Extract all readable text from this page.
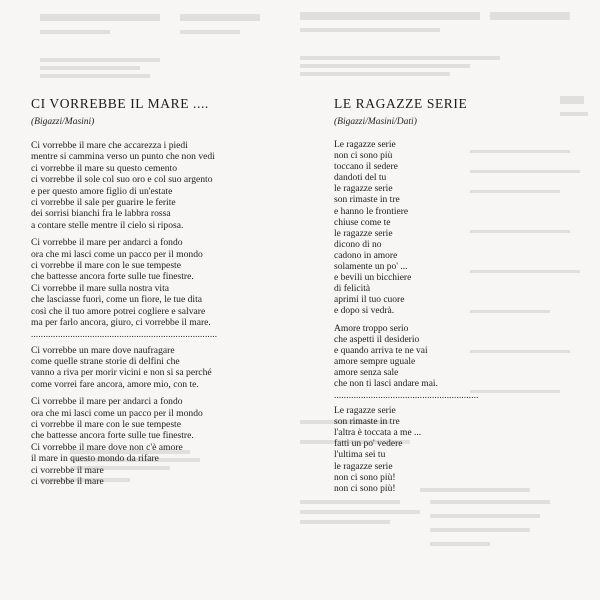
CI VORREBBE IL MARE ....

(Bigazzi/Masini)

Ci vorrebbe il mare che accarezza i piedi
mentre si cammina verso un punto che non vedi
ci vorrebbe il mare su questo cemento
ci vorrebbe il sole col suo oro e col suo argento
e per questo amore figlio di un'estate
ci vorrebbe il sale per guarire le ferite
dei sorrisi bianchi fra le labbra rossa
a contare stelle mentre il cielo si riposa.
Ci vorrebbe il mare per andarci a fondo
ora che mi lasci come un pacco per il mondo
ci vorrebbe il mare con le sue tempeste
che battesse ancora forte sulle tue finestre.
Ci vorrebbe il mare sulla nostra vita
che lasciasse fuori, come un fiore, le tue dita
così che il tuo amore potrei cogliere e salvare
ma per farlo ancora, giuro, ci vorrebbe il mare.
............................................................................
Ci vorrebbe un mare dove naufragare
come quelle strane storie di delfini che
vanno a riva per morir vicini e non si sa perché
come vorrei fare ancora, amore mio, con te.
Ci vorrebbe il mare per andarci a fondo
ora che mi lasci come un pacco per il mondo
ci vorrebbe il mare con le sue tempeste
che battesse ancora forte sulle tue finestre.
Ci vorrebbe il mare dove non c'è amore
il mare in questo mondo da rifare
ci vorrebbe il mare
ci vorrebbe il mare
LE RAGAZZE SERIE

(Bigazzi/Masini/Dati)

Le ragazze serie
non ci sono più
toccano il sedere
dandoti del tu
le ragazze serie
son rimaste in tre
e hanno le frontiere
chiuse come te
le ragazze serie
dicono di no
cadono in amore
solamente un po' ...
e bevili un bicchiere
di felicità
aprimi il tuo cuore
e dopo si vedrà.
Amore troppo serio
che aspetti il desiderio
e quando arriva te ne vai
amore sempre uguale
amore senza sale
che non ti lasci andare mai.
...........................................................
Le ragazze serie
son rimaste in tre
l'altra è toccata a me ...
fatti un po' vedere
l'ultima sei tu
le ragazze serie
non ci sono più!
non ci sono più!
